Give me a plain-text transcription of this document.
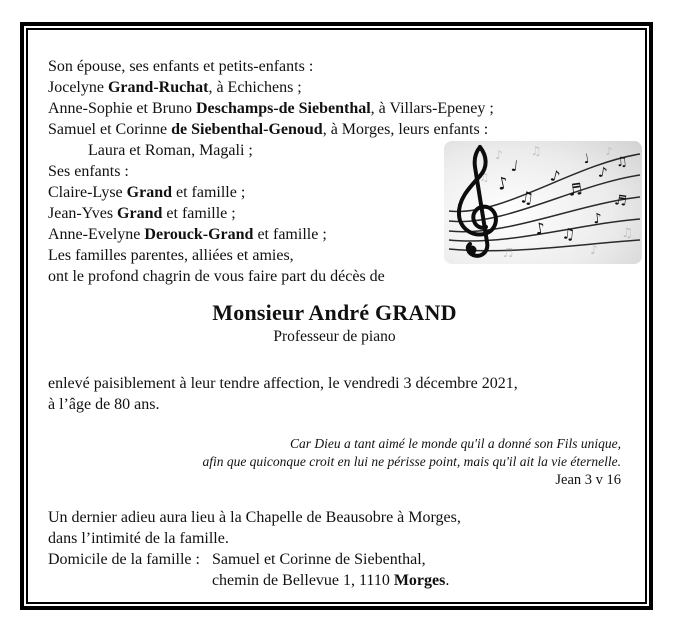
Son épouse, ses enfants et petits-enfants :
Jocelyne Grand-Ruchat, à Echichens ;
Anne-Sophie et Bruno Deschamps-de Siebenthal, à Villars-Epeney ;
Samuel et Corinne de Siebenthal-Genoud, à Morges, leurs enfants :
Laura et Roman, Magali ;
Ses enfants :
Claire-Lyse Grand et famille ;
Jean-Yves Grand et famille ;
Anne-Evelyne Derouck-Grand et famille ;
Les familles parentes, alliées et amies,
ont le profond chagrin de vous faire part du décès de
Monsieur André GRAND
Professeur de piano
enlevé paisiblement à leur tendre affection, le vendredi 3 décembre 2021,
à l’âge de 80 ans.
Car Dieu a tant aimé le monde qu'il a donné son Fils unique,
afin que quiconque croit en lui ne périsse point, mais qu'il ait la vie éternelle.
Jean 3 v 16
Un dernier adieu aura lieu à la Chapelle de Beausobre à Morges,
dans l’intimité de la famille.
Domicile de la famille : Samuel et Corinne de Siebenthal,
chemin de Bellevue 1, 1110 Morges.
♪
♫
♪
♬
♪
♫
♩
♪ ♫
♪
♬
♩
♪ ♫	♪
♫
♬	♪
♫
